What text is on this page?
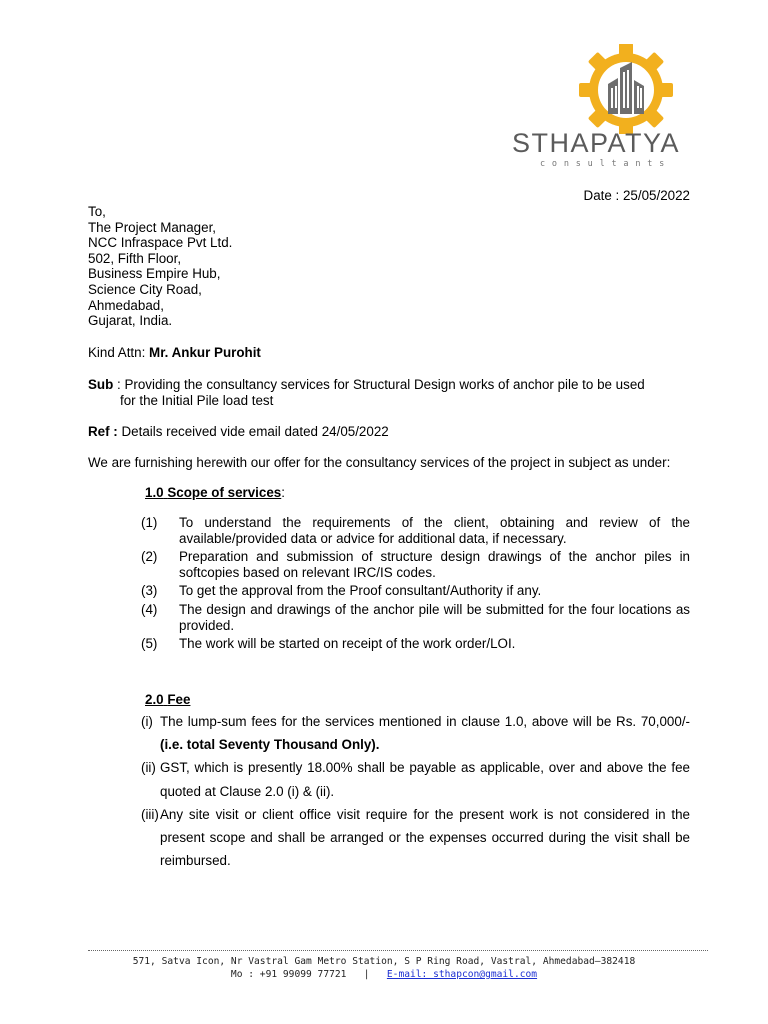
STHAPATYA
consultants
Date : 25/05/2022
To,
The Project Manager,
NCC Infraspace Pvt Ltd.
502, Fifth Floor,
Business Empire Hub,
Science City Road,
Ahmedabad,
Gujarat, India.
Kind Attn: Mr. Ankur Purohit
Sub : Providing the consultancy services for Structural Design works of anchor pile to be used
for the Initial Pile load test
Ref : Details received vide email dated 24/05/2022
We are furnishing herewith our offer for the consultancy services of the project in subject as under:
1.0 Scope of services:
(1) To understand the requirements of the client, obtaining and review of the available/provided data or advice for additional data, if necessary.
(2) Preparation and submission of structure design drawings of the anchor piles in softcopies based on relevant IRC/IS codes.
(3) To get the approval from the Proof consultant/Authority if any.
(4) The design and drawings of the anchor pile will be submitted for the four locations as provided.
(5) The work will be started on receipt of the work order/LOI.
2.0 Fee
(i) The lump-sum fees for the services mentioned in clause 1.0, above will be Rs. 70,000/- (i.e. total Seventy Thousand Only).
(ii) GST, which is presently 18.00% shall be payable as applicable, over and above the fee quoted at Clause 2.0 (i) & (ii).
(iii) Any site visit or client office visit require for the present work is not considered in the present scope and shall be arranged or the expenses occurred during the visit shall be reimbursed.
571, Satva Icon, Nr Vastral Gam Metro Station, S P Ring Road, Vastral, Ahmedabad–382418
Mo : +91 99099 77721 | E-mail: sthapcon@gmail.com
